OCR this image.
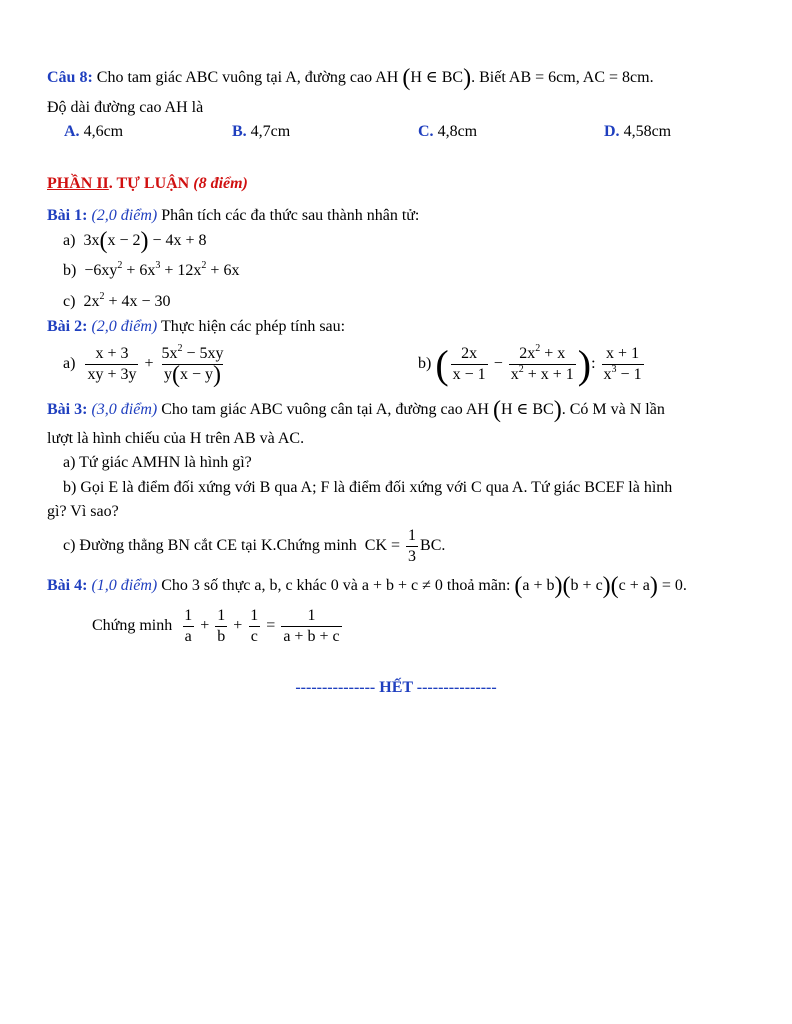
Câu 8: Cho tam giác ABC vuông tại A, đường cao AH (H ∈ BC). Biết AB = 6cm, AC = 8cm.
Độ dài đường cao AH là
A. 4,6cm	B. 4,7cm	C. 4,8cm	D. 4,58cm
PHẦN II. TỰ LUẬN (8 điểm)
Bài 1: (2,0 điểm) Phân tích các đa thức sau thành nhân tử:
a)  3x(x − 2) − 4x + 8
$b) -6xy^2 + 6x^3 + 12x^2 + 6x$
c)  $2x^2 + 4x - 30$
Bài 2: (2,0 điểm) Thực hiện các phép tính sau:
$a) \frac{x + 3}{xy + 3y} + \frac{5x^2 - 5xy}{y(x - y)}$	b) ( $\frac{2x}{x - 1} - \frac{2x^2 + x}{x^2 + x + 1}$ ): $\frac{x + 1}{x^3 - 1}$
Bài 3: (3,0 điểm) Cho tam giác ABC vuông cân tại A, đường cao AH (H ∈ BC). Có M và N lần
lượt là hình chiếu của H trên AB và AC.
a) Tứ giác AMHN là hình gì?
b) Gọi E là điểm đối xứng với B qua A; F là điểm đối xứng với C qua A. Tứ giác BCEF là hình
gì? Vì sao?
c) Đường thẳng BN cắt CE tại K.Chứng minh CK = $\frac{1}{3}$ BC.
Bài 4: (1,0 điểm) Cho 3 số thực a, b, c khác 0 và a + b + c ≠ 0 thoả mãn: (a + b)(b + c)(c + a) = 0.
Chứng minh $\frac{1}{a} + \frac{1}{b} + \frac{1}{c} = \frac{1}{a + b + c}$
--------------- HẾT ---------------
